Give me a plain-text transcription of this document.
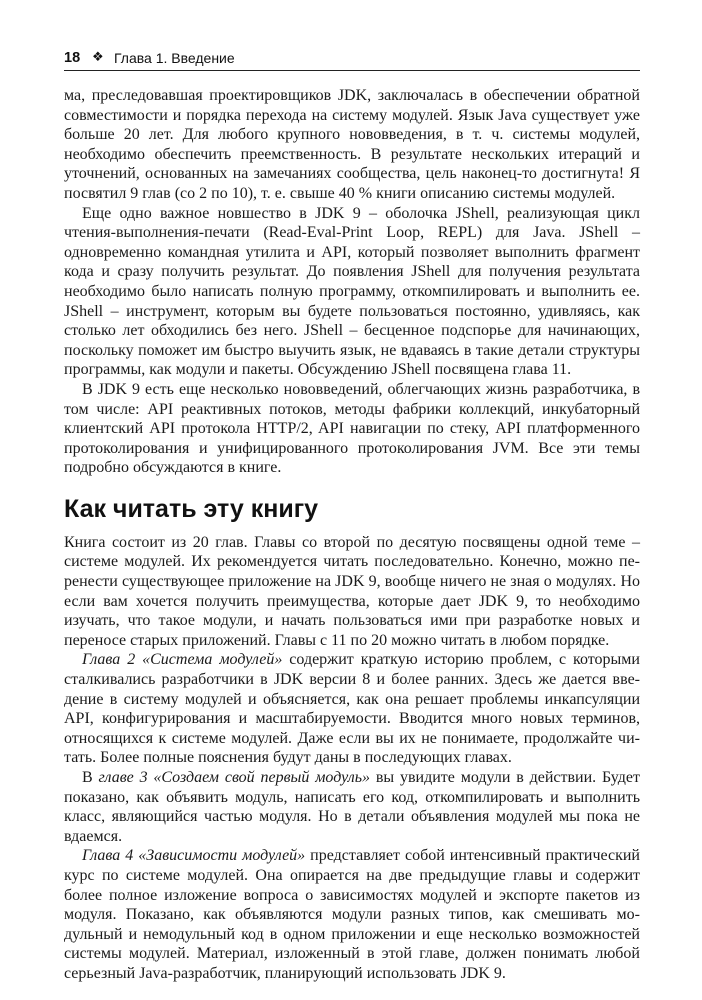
18 ❖ Глава 1. Введение

ма, преследовавшая проектировщиков JDK, заключалась в обеспечении обратной совместимости и порядка перехода на систему модулей. Язык Java существует уже больше 20 лет. Для любого крупного нововведения, в т. ч. системы модулей, необходимо обеспечить преемственность. В результате нескольких итераций и уточнений, основанных на замечаниях сообщества, цель наконец-то достигнута! Я посвятил 9 глав (со 2 по 10), т. е. свыше 40 % книги описанию системы модулей.

Еще одно важное новшество в JDK 9 – оболочка JShell, реализующая цикл чтения-выполнения-печати (Read-Eval-Print Loop, REPL) для Java. JShell – одновременно командная утилита и API, который позволяет выполнить фрагмент кода и сразу получить результат. До появления JShell для получения результата необходимо было написать полную программу, откомпилировать и выполнить ее. JShell – инструмент, которым вы будете пользоваться постоянно, удивляясь, как столько лет обходились без него. JShell – бесценное подспорье для начинающих, поскольку поможет им быстро выучить язык, не вдаваясь в такие детали структуры программы, как модули и пакеты. Обсуждению JShell посвящена глава 11.

В JDK 9 есть еще несколько нововведений, облегчающих жизнь разработчика, в том числе: API реактивных потоков, методы фабрики коллекций, инкубаторный клиентский API протокола HTTP/2, API навигации по стеку, API платформенного протоколирования и унифицированного протоколирования JVM. Все эти темы подробно обсуждаются в книге.

Как читать эту книгу

Книга состоит из 20 глав. Главы со второй по десятую посвящены одной теме – системе модулей. Их рекомендуется читать последовательно. Конечно, можно перенести существующее приложение на JDK 9, вообще ничего не зная о модулях. Но если вам хочется получить преимущества, которые дает JDK 9, то необходимо изучать, что такое модули, и начать пользоваться ими при разработке новых и переносе старых приложений. Главы с 11 по 20 можно читать в любом порядке.

Глава 2 «Система модулей» содержит краткую историю проблем, с которыми сталкивались разработчики в JDK версии 8 и более ранних. Здесь же дается введение в систему модулей и объясняется, как она решает проблемы инкапсуляции API, конфигурирования и масштабируемости. Вводится много новых терминов, относящихся к системе модулей. Даже если вы их не понимаете, продолжайте читать. Более полные пояснения будут даны в последующих главах.

В главе 3 «Создаем свой первый модуль» вы увидите модули в действии. Будет показано, как объявить модуль, написать его код, откомпилировать и выполнить класс, являющийся частью модуля. Но в детали объявления модулей мы пока не вдаемся.

Глава 4 «Зависимости модулей» представляет собой интенсивный практический курс по системе модулей. Она опирается на две предыдущие главы и содержит более полное изложение вопроса о зависимостях модулей и экспорте пакетов из модуля. Показано, как объявляются модули разных типов, как смешивать модульный и немодульный код в одном приложении и еще несколько возможностей системы модулей. Материал, изложенный в этой главе, должен понимать любой серьезный Java-разработчик, планирующий использовать JDK 9.
